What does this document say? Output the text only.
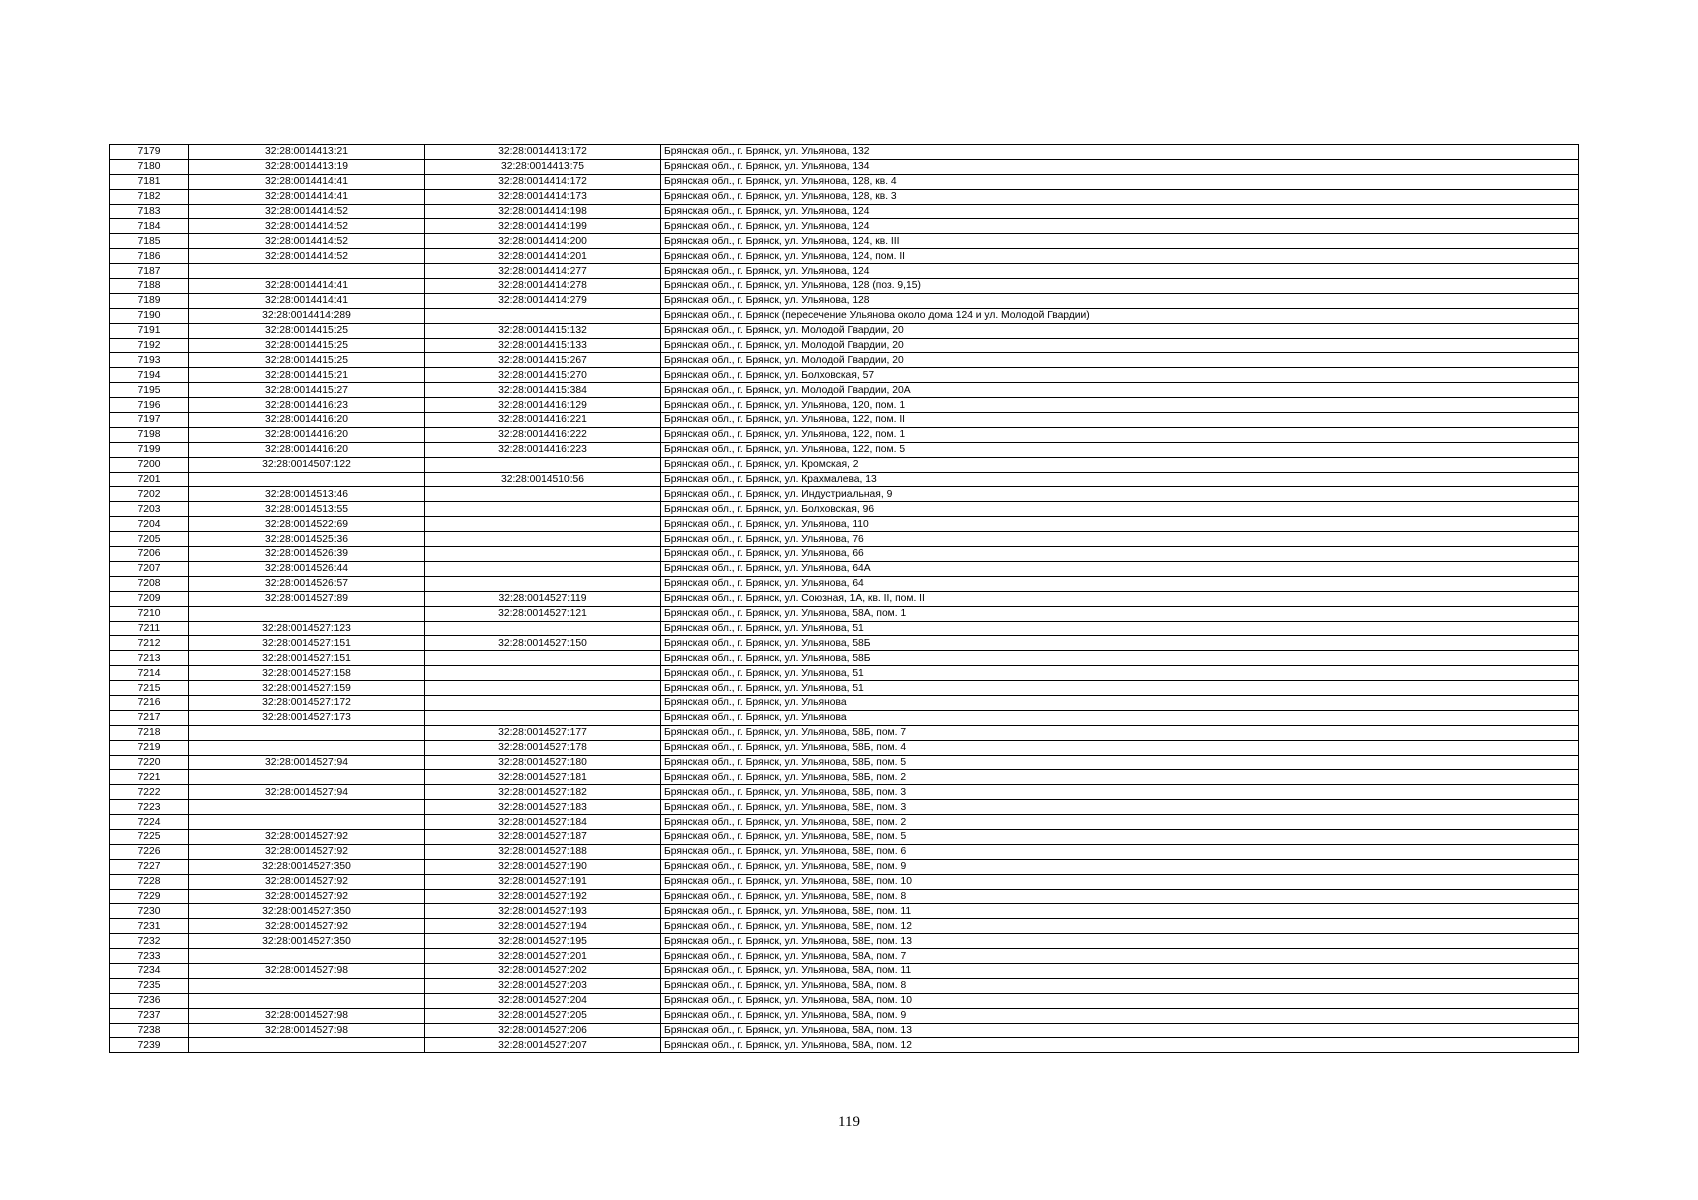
7179	32:28:0014413:21	32:28:0014413:172	Брянская обл., г. Брянск, ул. Ульянова, 132
7180	32:28:0014413:19	32:28:0014413:75	Брянская обл., г. Брянск, ул. Ульянова, 134
7181	32:28:0014414:41	32:28:0014414:172	Брянская обл., г. Брянск, ул. Ульянова, 128, кв. 4
7182	32:28:0014414:41	32:28:0014414:173	Брянская обл., г. Брянск, ул. Ульянова, 128, кв. 3
7183	32:28:0014414:52	32:28:0014414:198	Брянская обл., г. Брянск, ул. Ульянова, 124
7184	32:28:0014414:52	32:28:0014414:199	Брянская обл., г. Брянск, ул. Ульянова, 124
7185	32:28:0014414:52	32:28:0014414:200	Брянская обл., г. Брянск, ул. Ульянова, 124, кв. III
7186	32:28:0014414:52	32:28:0014414:201	Брянская обл., г. Брянск, ул. Ульянова, 124, пом. II
7187		32:28:0014414:277	Брянская обл., г. Брянск, ул. Ульянова, 124
7188	32:28:0014414:41	32:28:0014414:278	Брянская обл., г. Брянск, ул. Ульянова, 128 (поз. 9,15)
7189	32:28:0014414:41	32:28:0014414:279	Брянская обл., г. Брянск, ул. Ульянова, 128
7190	32:28:0014414:289		Брянская обл., г. Брянск (пересечение Ульянова около дома 124 и ул. Молодой Гвардии)
7191	32:28:0014415:25	32:28:0014415:132	Брянская обл., г. Брянск, ул. Молодой Гвардии, 20
7192	32:28:0014415:25	32:28:0014415:133	Брянская обл., г. Брянск, ул. Молодой Гвардии, 20
7193	32:28:0014415:25	32:28:0014415:267	Брянская обл., г. Брянск, ул. Молодой Гвардии, 20
7194	32:28:0014415:21	32:28:0014415:270	Брянская обл., г. Брянск, ул. Болховская, 57
7195	32:28:0014415:27	32:28:0014415:384	Брянская обл., г. Брянск, ул. Молодой Гвардии, 20А
7196	32:28:0014416:23	32:28:0014416:129	Брянская обл., г. Брянск, ул. Ульянова, 120, пом. 1
7197	32:28:0014416:20	32:28:0014416:221	Брянская обл., г. Брянск, ул. Ульянова, 122, пом. II
7198	32:28:0014416:20	32:28:0014416:222	Брянская обл., г. Брянск, ул. Ульянова, 122, пом. 1
7199	32:28:0014416:20	32:28:0014416:223	Брянская обл., г. Брянск, ул. Ульянова, 122, пом. 5
7200	32:28:0014507:122		Брянская обл., г. Брянск, ул. Кромская, 2
7201		32:28:0014510:56	Брянская обл., г. Брянск, ул. Крахмалева, 13
7202	32:28:0014513:46		Брянская обл., г. Брянск, ул. Индустриальная, 9
7203	32:28:0014513:55		Брянская обл., г. Брянск, ул. Болховская, 96
7204	32:28:0014522:69		Брянская обл., г. Брянск, ул. Ульянова, 110
7205	32:28:0014525:36		Брянская обл., г. Брянск, ул. Ульянова, 76
7206	32:28:0014526:39		Брянская обл., г. Брянск, ул. Ульянова, 66
7207	32:28:0014526:44		Брянская обл., г. Брянск, ул. Ульянова, 64А
7208	32:28:0014526:57		Брянская обл., г. Брянск, ул. Ульянова, 64
7209	32:28:0014527:89	32:28:0014527:119	Брянская обл., г. Брянск, ул. Союзная, 1А, кв. II, пом. II
7210		32:28:0014527:121	Брянская обл., г. Брянск, ул. Ульянова, 58А, пом. 1
7211	32:28:0014527:123		Брянская обл., г. Брянск, ул. Ульянова, 51
7212	32:28:0014527:151	32:28:0014527:150	Брянская обл., г. Брянск, ул. Ульянова, 58Б
7213	32:28:0014527:151		Брянская обл., г. Брянск, ул. Ульянова, 58Б
7214	32:28:0014527:158		Брянская обл., г. Брянск, ул. Ульянова, 51
7215	32:28:0014527:159		Брянская обл., г. Брянск, ул. Ульянова, 51
7216	32:28:0014527:172		Брянская обл., г. Брянск, ул. Ульянова
7217	32:28:0014527:173		Брянская обл., г. Брянск, ул. Ульянова
7218		32:28:0014527:177	Брянская обл., г. Брянск, ул. Ульянова, 58Б, пом. 7
7219		32:28:0014527:178	Брянская обл., г. Брянск, ул. Ульянова, 58Б, пом. 4
7220	32:28:0014527:94	32:28:0014527:180	Брянская обл., г. Брянск, ул. Ульянова, 58Б, пом. 5
7221		32:28:0014527:181	Брянская обл., г. Брянск, ул. Ульянова, 58Б, пом. 2
7222	32:28:0014527:94	32:28:0014527:182	Брянская обл., г. Брянск, ул. Ульянова, 58Б, пом. 3
7223		32:28:0014527:183	Брянская обл., г. Брянск, ул. Ульянова, 58Е, пом. 3
7224		32:28:0014527:184	Брянская обл., г. Брянск, ул. Ульянова, 58Е, пом. 2
7225	32:28:0014527:92	32:28:0014527:187	Брянская обл., г. Брянск, ул. Ульянова, 58Е, пом. 5
7226	32:28:0014527:92	32:28:0014527:188	Брянская обл., г. Брянск, ул. Ульянова, 58Е, пом. 6
7227	32:28:0014527:350	32:28:0014527:190	Брянская обл., г. Брянск, ул. Ульянова, 58Е, пом. 9
7228	32:28:0014527:92	32:28:0014527:191	Брянская обл., г. Брянск, ул. Ульянова, 58Е, пом. 10
7229	32:28:0014527:92	32:28:0014527:192	Брянская обл., г. Брянск, ул. Ульянова, 58Е, пом. 8
7230	32:28:0014527:350	32:28:0014527:193	Брянская обл., г. Брянск, ул. Ульянова, 58Е, пом. 11
7231	32:28:0014527:92	32:28:0014527:194	Брянская обл., г. Брянск, ул. Ульянова, 58Е, пом. 12
7232	32:28:0014527:350	32:28:0014527:195	Брянская обл., г. Брянск, ул. Ульянова, 58Е, пом. 13
7233		32:28:0014527:201	Брянская обл., г. Брянск, ул. Ульянова, 58А, пом. 7
7234	32:28:0014527:98	32:28:0014527:202	Брянская обл., г. Брянск, ул. Ульянова, 58А, пом. 11
7235		32:28:0014527:203	Брянская обл., г. Брянск, ул. Ульянова, 58А, пом. 8
7236		32:28:0014527:204	Брянская обл., г. Брянск, ул. Ульянова, 58А, пом. 10
7237	32:28:0014527:98	32:28:0014527:205	Брянская обл., г. Брянск, ул. Ульянова, 58А, пом. 9
7238	32:28:0014527:98	32:28:0014527:206	Брянская обл., г. Брянск, ул. Ульянова, 58А, пом. 13
7239		32:28:0014527:207	Брянская обл., г. Брянск, ул. Ульянова, 58А, пом. 12
119
